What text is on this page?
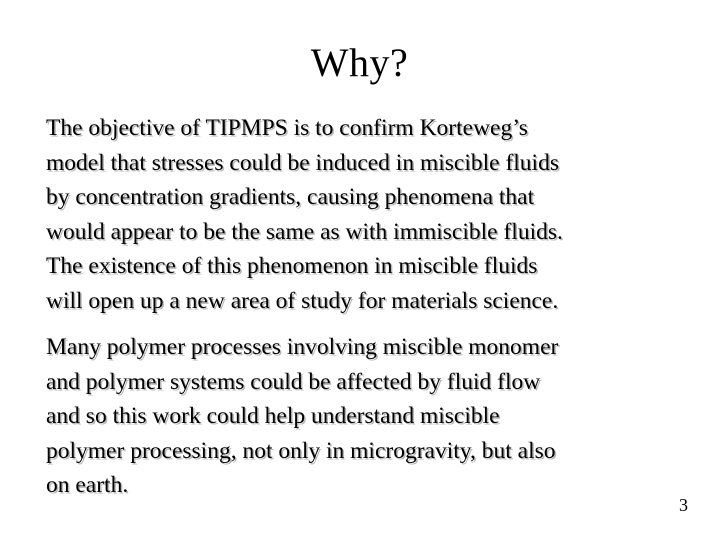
Why?

The objective of TIPMPS is to confirm Korteweg’s
model that stresses could be induced in miscible fluids
by concentration gradients, causing phenomena that
would appear to be the same as with immiscible fluids.
The existence of this phenomenon in miscible fluids
will open up a new area of study for materials science.

Many polymer processes involving miscible monomer
and polymer systems could be affected by fluid flow
and so this work could help understand miscible
polymer processing, not only in microgravity, but also
on earth.

3
